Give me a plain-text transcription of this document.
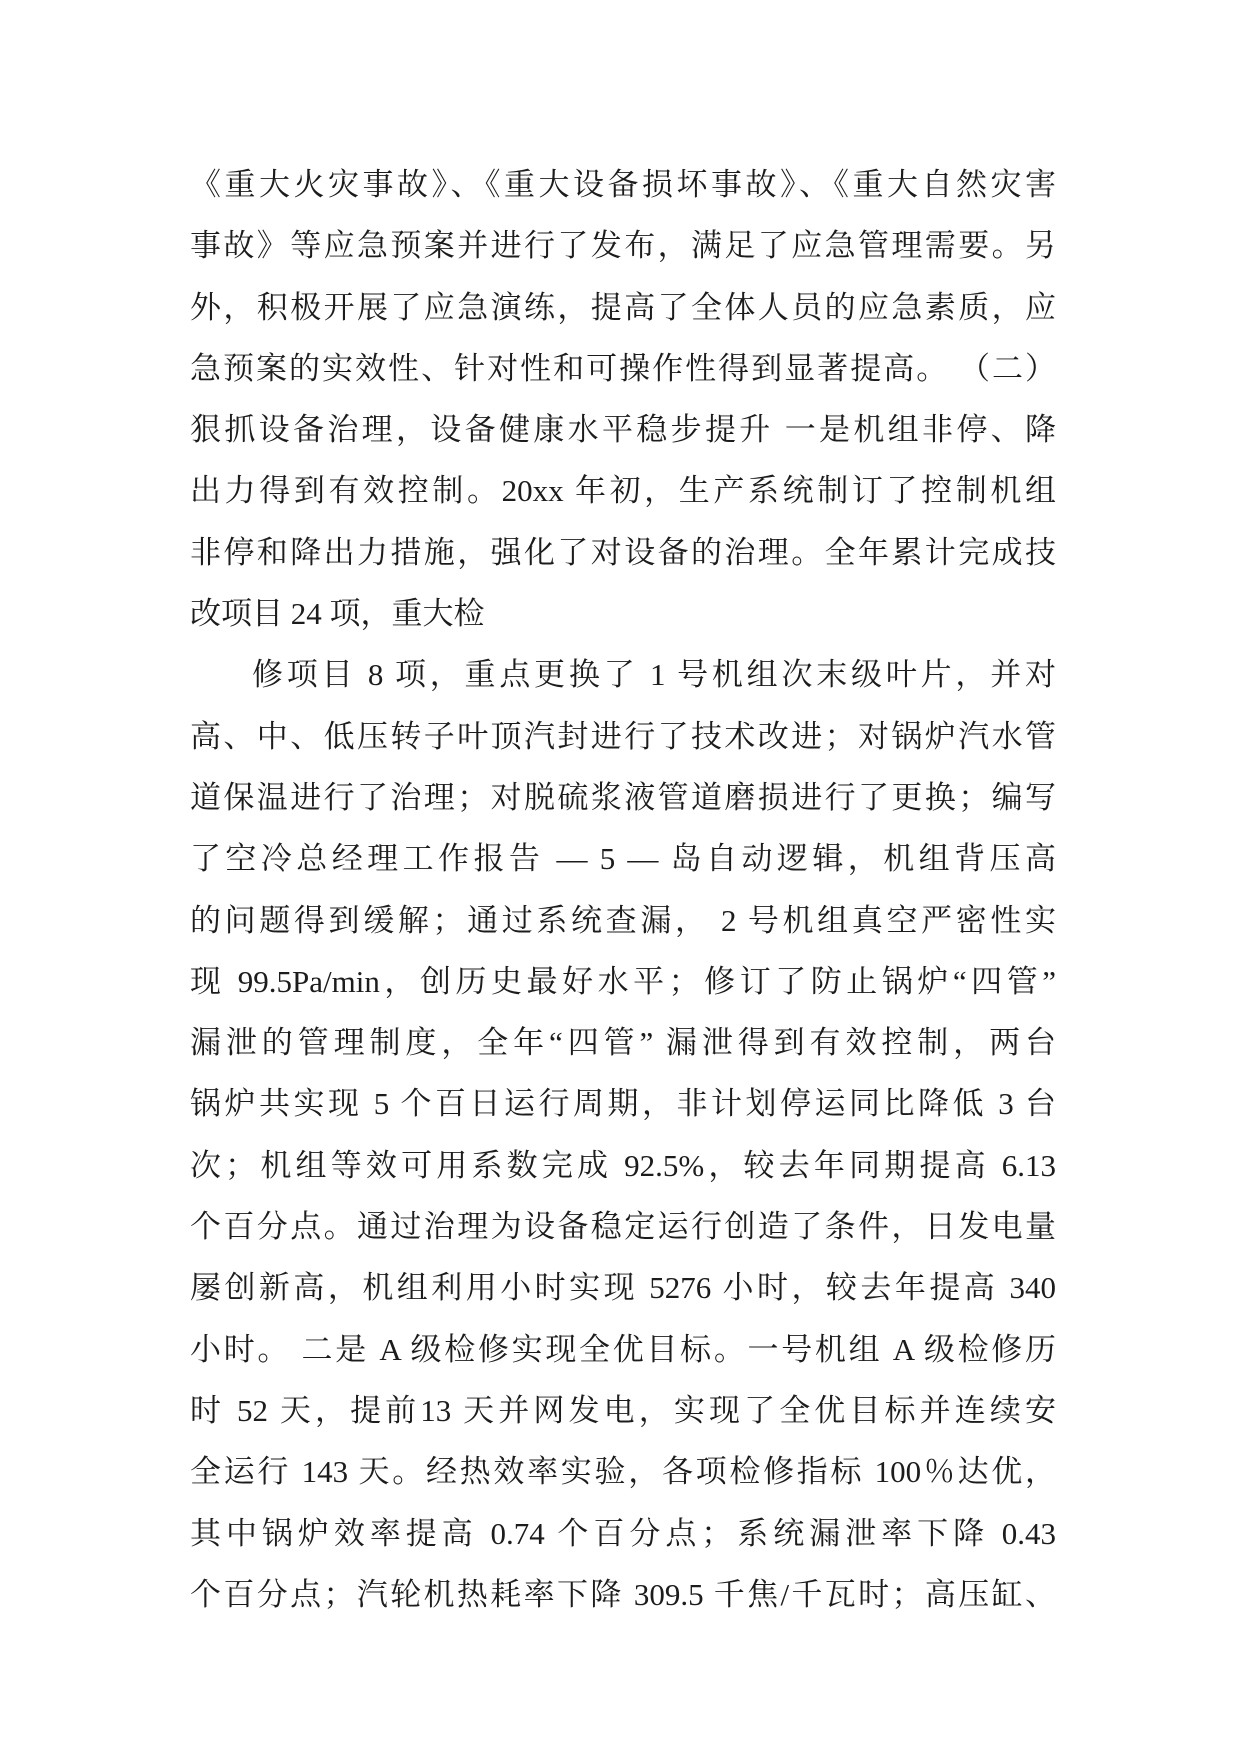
《重大火灾事故》、《重大设备损坏事故》、《重大自然灾害
事故》等应急预案并进行了发布，满足了应急管理需要。另
外，积极开展了应急演练，提高了全体人员的应急素质，应
急预案的实效性、针对性和可操作性得到显著提高。 （二）
狠抓设备治理，设备健康水平稳步提升 一是机组非停、降
出力得到有效控制。20xx 年初，生产系统制订了控制机组
非停和降出力措施，强化了对设备的治理。全年累计完成技
改项目 24 项，重大检
修项目 8 项，重点更换了 1 号机组次末级叶片，并对
高、中、低压转子叶顶汽封进行了技术改进；对锅炉汽水管
道保温进行了治理；对脱硫浆液管道磨损进行了更换；编写
了空冷总经理工作报告 — 5 — 岛自动逻辑，机组背压高
的问题得到缓解；通过系统查漏， 2 号机组真空严密性实
现 99.5Pa/min，创历史最好水平；修订了防止锅炉“四管”
漏泄的管理制度，全年“四管” 漏泄得到有效控制，两台
锅炉共实现 5 个百日运行周期，非计划停运同比降低 3 台
次；机组等效可用系数完成 92.5%，较去年同期提高 6.13
个百分点。通过治理为设备稳定运行创造了条件，日发电量
屡创新高，机组利用小时实现 5276 小时，较去年提高 340
小时。 二是 A 级检修实现全优目标。一号机组 A 级检修历
时 52 天，提前13 天并网发电，实现了全优目标并连续安
全运行 143 天。经热效率实验，各项检修指标 100％达优，
其中锅炉效率提高 0.74 个百分点；系统漏泄率下降 0.43
个百分点；汽轮机热耗率下降 309.5 千焦/千瓦时；高压缸、
